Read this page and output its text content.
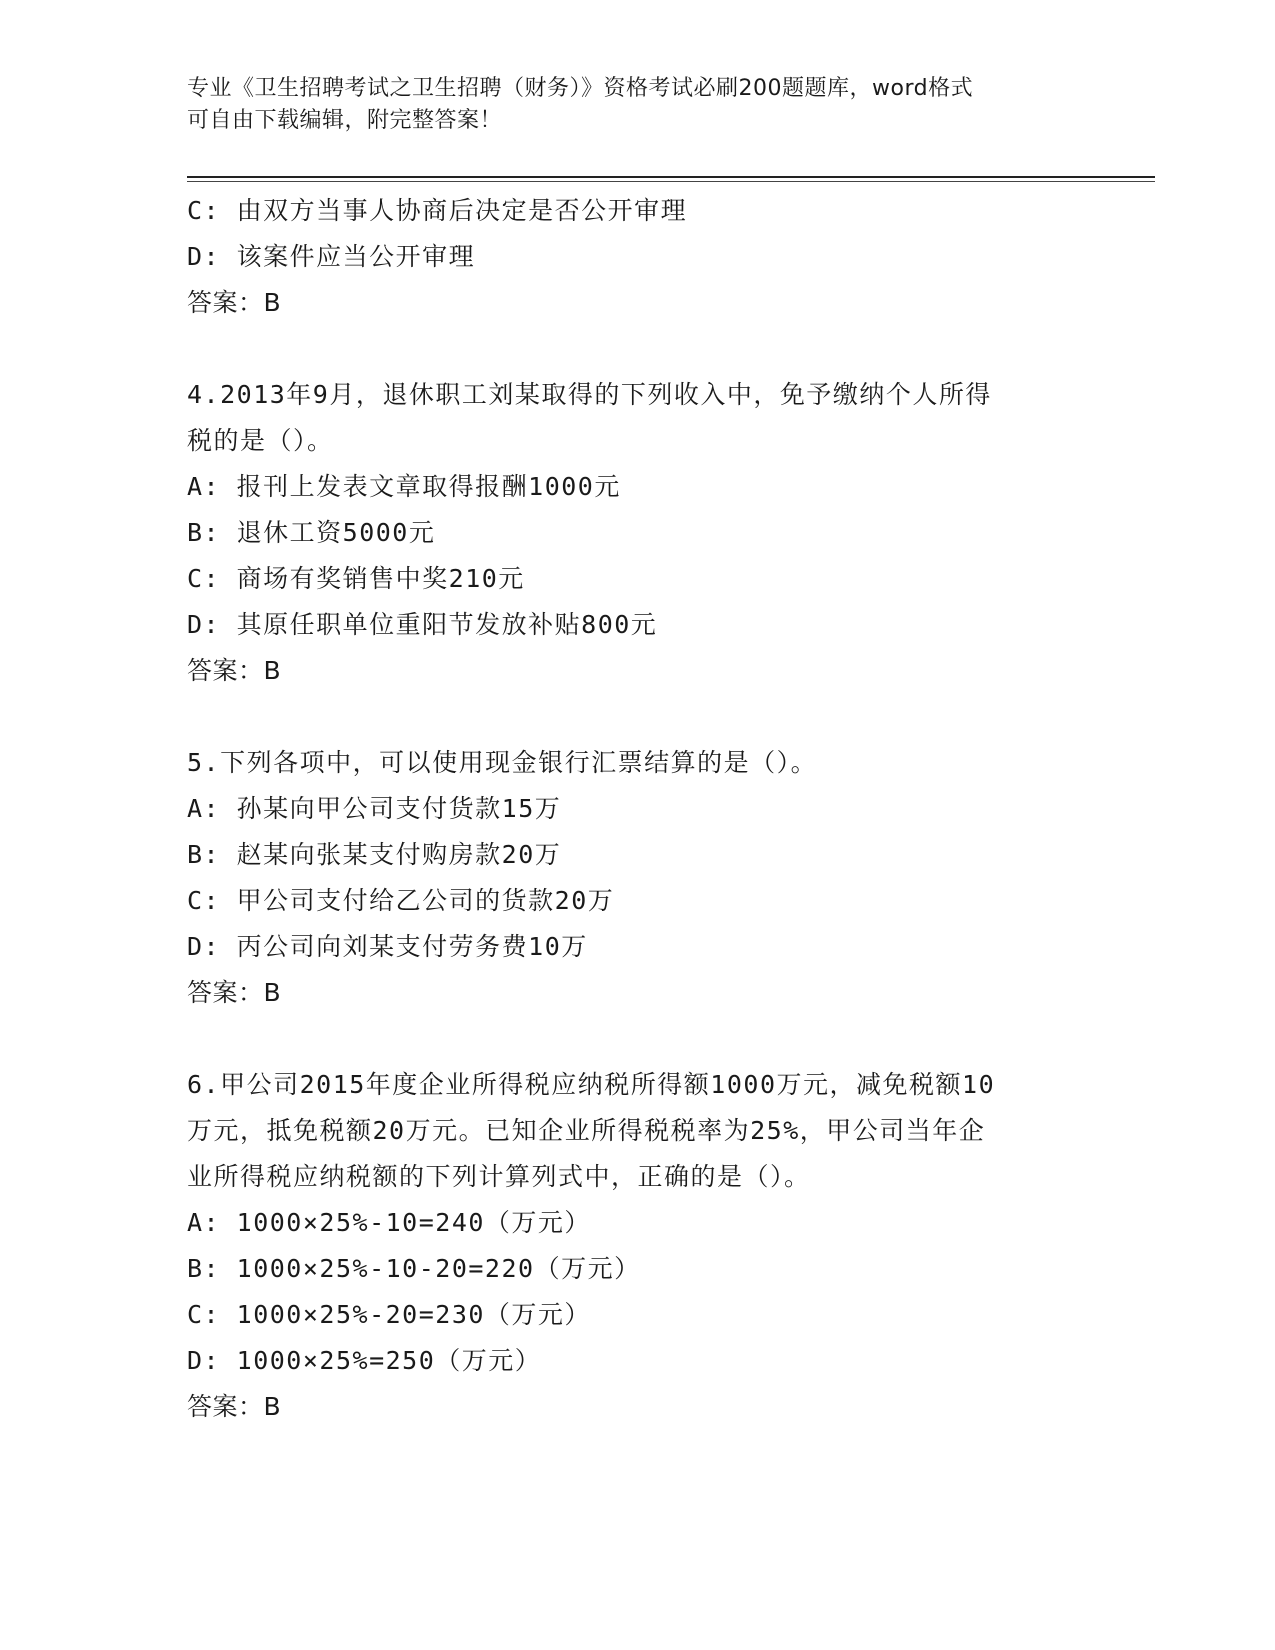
专业《卫生招聘考试之卫生招聘（财务）》资格考试必刷200题题库，word格式
可自由下载编辑，附完整答案！
C: 由双方当事人协商后决定是否公开审理
D: 该案件应当公开审理
答案：B
4.2013年9月，退休职工刘某取得的下列收入中，免予缴纳个人所得
税的是（）。
A: 报刊上发表文章取得报酬1000元
B: 退休工资5000元
C: 商场有奖销售中奖210元
D: 其原任职单位重阳节发放补贴800元
答案：B
5.下列各项中，可以使用现金银行汇票结算的是（）。
A: 孙某向甲公司支付货款15万
B: 赵某向张某支付购房款20万
C: 甲公司支付给乙公司的货款20万
D: 丙公司向刘某支付劳务费10万
答案：B
6.甲公司2015年度企业所得税应纳税所得额1000万元，减免税额10
万元，抵免税额20万元。已知企业所得税税率为25%，甲公司当年企
业所得税应纳税额的下列计算列式中，正确的是（）。
A: 1000×25%-10=240（万元）
B: 1000×25%-10-20=220（万元）
C: 1000×25%-20=230（万元）
D: 1000×25%=250（万元）
答案：B
